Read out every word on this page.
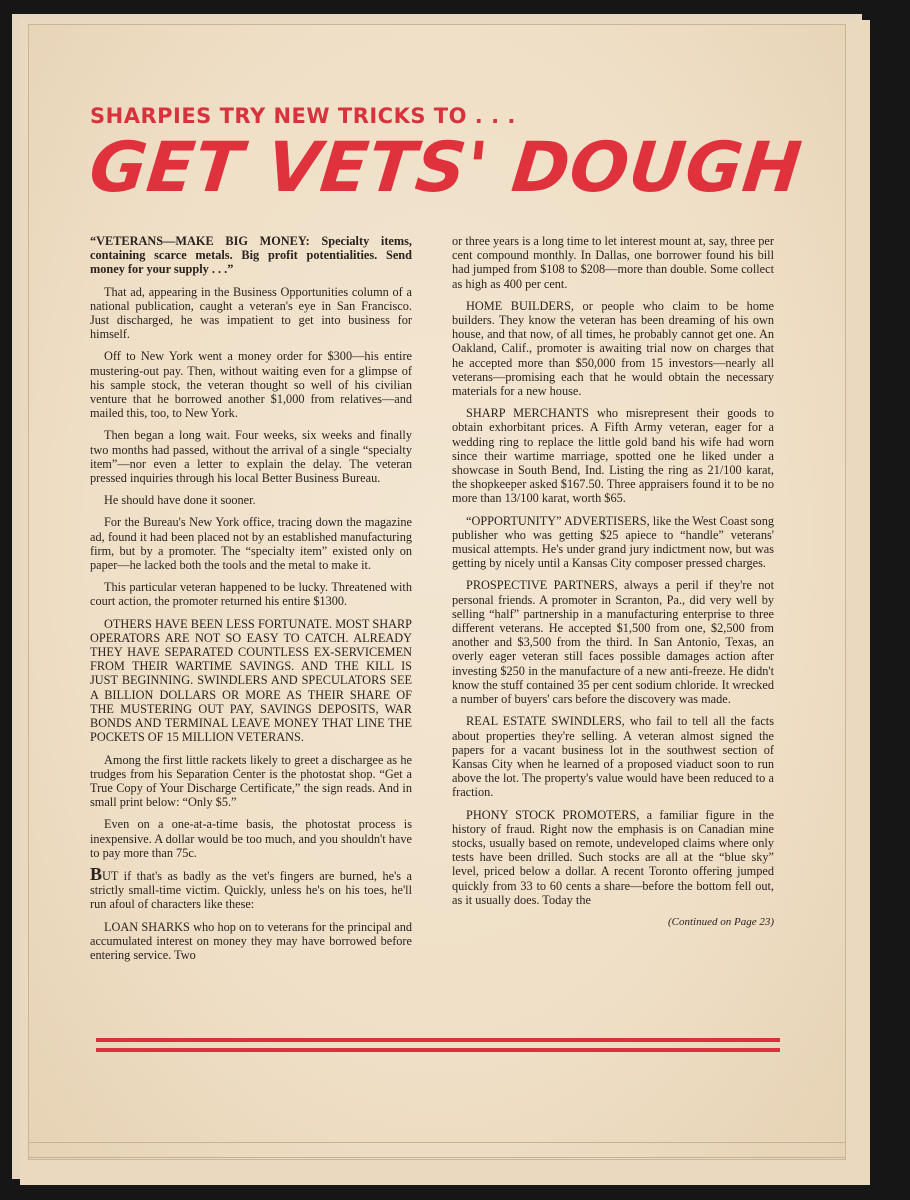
SHARPIES TRY NEW TRICKS TO . . .
GET VETS' DOUGH

“VETERANS—MAKE BIG MONEY: Specialty items, containing scarce metals. Big profit potentialities. Send money for your supply . . .”

That ad, appearing in the Business Opportunities column of a national publication, caught a veteran's eye in San Francisco. Just discharged, he was impatient to get into business for himself.

Off to New York went a money order for $300—his entire mustering-out pay. Then, without waiting even for a glimpse of his sample stock, the veteran thought so well of his civilian venture that he borrowed another $1,000 from relatives—and mailed this, too, to New York.

Then began a long wait. Four weeks, six weeks and finally two months had passed, without the arrival of a single “specialty item”—nor even a letter to explain the delay. The veteran pressed inquiries through his local Better Business Bureau.

He should have done it sooner.

For the Bureau's New York office, tracing down the magazine ad, found it had been placed not by an established manufacturing firm, but by a promoter. The “specialty item” existed only on paper—he lacked both the tools and the metal to make it.

This particular veteran happened to be lucky. Threatened with court action, the promoter returned his entire $1300.

OTHERS HAVE BEEN LESS FORTUNATE. MOST SHARP OPERATORS ARE NOT SO EASY TO CATCH. ALREADY THEY HAVE SEPARATED COUNTLESS EX-SERVICEMEN FROM THEIR WARTIME SAVINGS. AND THE KILL IS JUST BEGINNING. SWINDLERS AND SPECULATORS SEE A BILLION DOLLARS OR MORE AS THEIR SHARE OF THE MUSTERING OUT PAY, SAVINGS DEPOSITS, WAR BONDS AND TERMINAL LEAVE MONEY THAT LINE THE POCKETS OF 15 MILLION VETERANS.

Among the first little rackets likely to greet a dischargee as he trudges from his Separation Center is the photostat shop. “Get a True Copy of Your Discharge Certificate,” the sign reads. And in small print below: “Only $5.”

Even on a one-at-a-time basis, the photostat process is inexpensive. A dollar would be too much, and you shouldn't have to pay more than 75c.

BUT if that's as badly as the vet's fingers are burned, he's a strictly small-time victim. Quickly, unless he's on his toes, he'll run afoul of characters like these:

LOAN SHARKS who hop on to veterans for the principal and accumulated interest on money they may have borrowed before entering service. Two

or three years is a long time to let interest mount at, say, three per cent compound monthly. In Dallas, one borrower found his bill had jumped from $108 to $208—more than double. Some collect as high as 400 per cent.

HOME BUILDERS, or people who claim to be home builders. They know the veteran has been dreaming of his own house, and that now, of all times, he probably cannot get one. An Oakland, Calif., promoter is awaiting trial now on charges that he accepted more than $50,000 from 15 investors—nearly all veterans—promising each that he would obtain the necessary materials for a new house.

SHARP MERCHANTS who misrepresent their goods to obtain exhorbitant prices. A Fifth Army veteran, eager for a wedding ring to replace the little gold band his wife had worn since their wartime marriage, spotted one he liked under a showcase in South Bend, Ind. Listing the ring as 21/100 karat, the shopkeeper asked $167.50. Three appraisers found it to be no more than 13/100 karat, worth $65.

“OPPORTUNITY” ADVERTISERS, like the West Coast song publisher who was getting $25 apiece to “handle” veterans' musical attempts. He's under grand jury indictment now, but was getting by nicely until a Kansas City composer pressed charges.

PROSPECTIVE PARTNERS, always a peril if they're not personal friends. A promoter in Scranton, Pa., did very well by selling “half” partnership in a manufacturing enterprise to three different veterans. He accepted $1,500 from one, $2,500 from another and $3,500 from the third. In San Antonio, Texas, an overly eager veteran still faces possible damages action after investing $250 in the manufacture of a new anti-freeze. He didn't know the stuff contained 35 per cent sodium chloride. It wrecked a number of buyers' cars before the discovery was made.

REAL ESTATE SWINDLERS, who fail to tell all the facts about properties they're selling. A veteran almost signed the papers for a vacant business lot in the southwest section of Kansas City when he learned of a proposed viaduct soon to run above the lot. The property's value would have been reduced to a fraction.

PHONY STOCK PROMOTERS, a familiar figure in the history of fraud. Right now the emphasis is on Canadian mine stocks, usually based on remote, undeveloped claims where only tests have been drilled. Such stocks are all at the “blue sky” level, priced below a dollar. A recent Toronto offering jumped quickly from 33 to 60 cents a share—before the bottom fell out, as it usually does. Today the

(Continued on Page 23)
